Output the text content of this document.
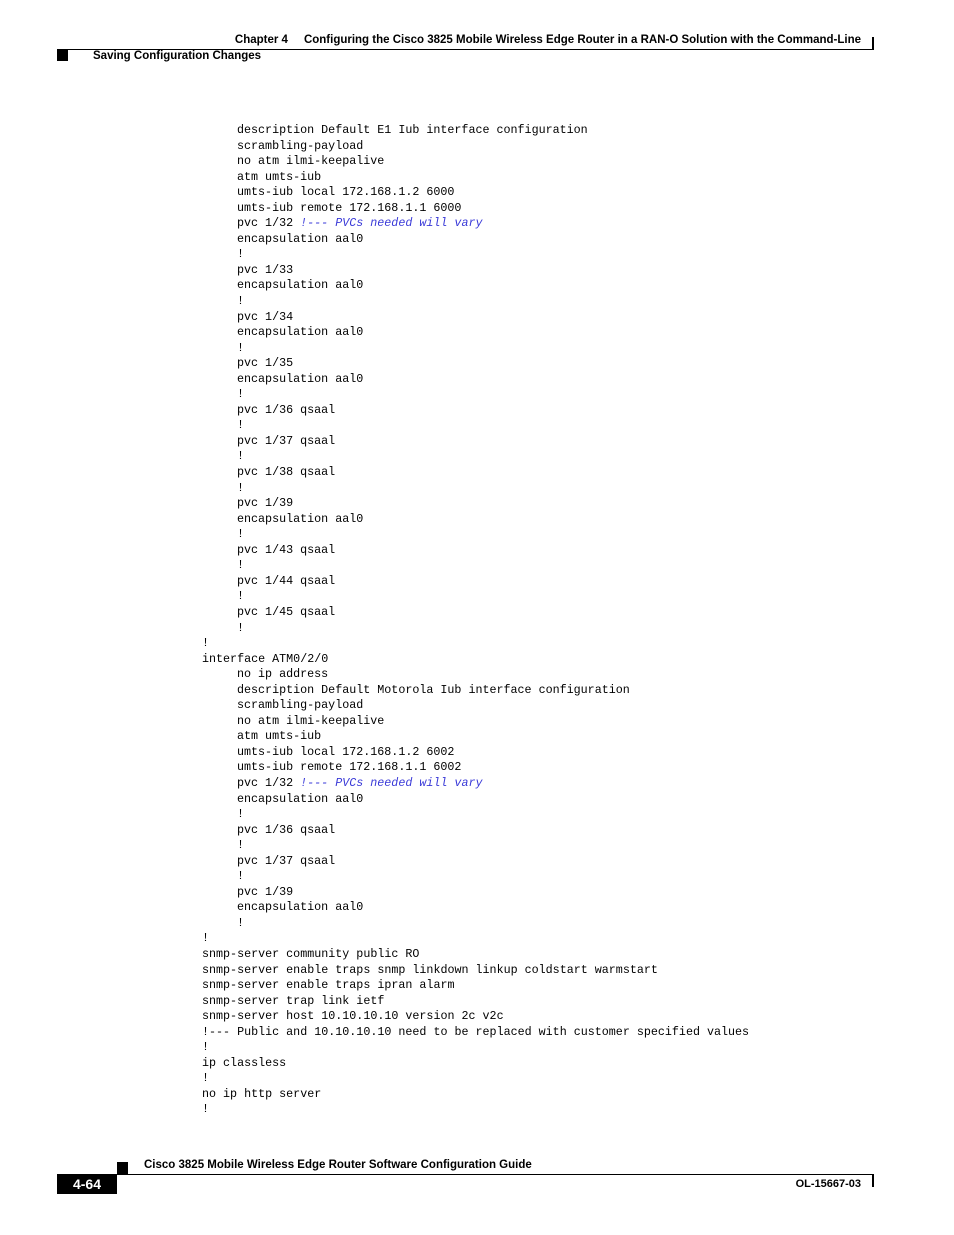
Chapter 4 Configuring the Cisco 3825 Mobile Wireless Edge Router in a RAN-O Solution with the Command-Line
Saving Configuration Changes
description Default E1 Iub interface configuration
scrambling-payload
no atm ilmi-keepalive
atm umts-iub
umts-iub local 172.168.1.2 6000
umts-iub remote 172.168.1.1 6000
pvc 1/32 !--- PVCs needed will vary
encapsulation aal0
!
pvc 1/33
encapsulation aal0
!
pvc 1/34
encapsulation aal0
!
pvc 1/35
encapsulation aal0
!
pvc 1/36 qsaal
!
pvc 1/37 qsaal
!
pvc 1/38 qsaal
!
pvc 1/39
encapsulation aal0
!
pvc 1/43 qsaal
!
pvc 1/44 qsaal
!
pvc 1/45 qsaal
!
!
interface ATM0/2/0
no ip address
description Default Motorola Iub interface configuration
scrambling-payload
no atm ilmi-keepalive
atm umts-iub
umts-iub local 172.168.1.2 6002
umts-iub remote 172.168.1.1 6002
pvc 1/32 !--- PVCs needed will vary
encapsulation aal0
!
pvc 1/36 qsaal
!
pvc 1/37 qsaal
!
pvc 1/39
encapsulation aal0
!
!
snmp-server community public RO
snmp-server enable traps snmp linkdown linkup coldstart warmstart
snmp-server enable traps ipran alarm
snmp-server trap link ietf
snmp-server host 10.10.10.10 version 2c v2c
!--- Public and 10.10.10.10 need to be replaced with customer specified values
!
ip classless
!
no ip http server
!
Cisco 3825 Mobile Wireless Edge Router Software Configuration Guide
4-64	OL-15667-03
